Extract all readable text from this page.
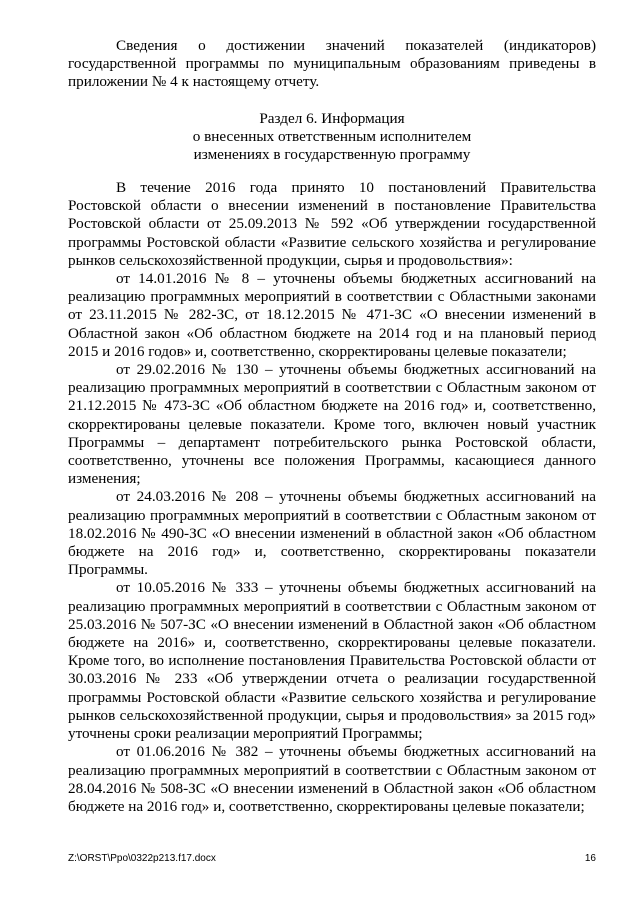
Сведения о достижении значений показателей (индикаторов) государственной программы по муниципальным образованиям приведены в приложении № 4 к настоящему отчету.

Раздел 6. Информация
о внесенных ответственным исполнителем
изменениях в государственную программу

В течение 2016 года принято 10 постановлений Правительства Ростовской области о внесении изменений в постановление Правительства Ростовской области от 25.09.2013 № 592 «Об утверждении государственной программы Ростовской области «Развитие сельского хозяйства и регулирование рынков сельскохозяйственной продукции, сырья и продовольствия»:

от 14.01.2016 № 8 – уточнены объемы бюджетных ассигнований на реализацию программных мероприятий в соответствии с Областными законами от 23.11.2015 № 282-ЗС, от 18.12.2015 № 471-ЗС «О внесении изменений в Областной закон «Об областном бюджете на 2014 год и на плановый период 2015 и 2016 годов» и, соответственно, скорректированы целевые показатели;

от 29.02.2016 № 130 – уточнены объемы бюджетных ассигнований на реализацию программных мероприятий в соответствии с Областным законом от 21.12.2015 № 473-ЗС «Об областном бюджете на 2016 год» и, соответственно, скорректированы целевые показатели. Кроме того, включен новый участник Программы – департамент потребительского рынка Ростовской области, соответственно, уточнены все положения Программы, касающиеся данного изменения;

от 24.03.2016 № 208 – уточнены объемы бюджетных ассигнований на реализацию программных мероприятий в соответствии с Областным законом от 18.02.2016 № 490-ЗС «О внесении изменений в областной закон «Об областном бюджете на 2016 год» и, соответственно, скорректированы показатели Программы.

от 10.05.2016 № 333 – уточнены объемы бюджетных ассигнований на реализацию программных мероприятий в соответствии с Областным законом от 25.03.2016 № 507-ЗС «О внесении изменений в Областной закон «Об областном бюджете на 2016» и, соответственно, скорректированы целевые показатели. Кроме того, во исполнение постановления Правительства Ростовской области от 30.03.2016 № 233 «Об утверждении отчета о реализации государственной программы Ростовской области «Развитие сельского хозяйства и регулирование рынков сельскохозяйственной продукции, сырья и продовольствия» за 2015 год» уточнены сроки реализации мероприятий Программы;

от 01.06.2016 № 382 – уточнены объемы бюджетных ассигнований на реализацию программных мероприятий в соответствии с Областным законом от 28.04.2016 № 508-ЗС «О внесении изменений в Областной закон «Об областном бюджете на 2016 год» и, соответственно, скорректированы целевые показатели;

Z:\ORST\Ppo\0322p213.f17.docx	16
